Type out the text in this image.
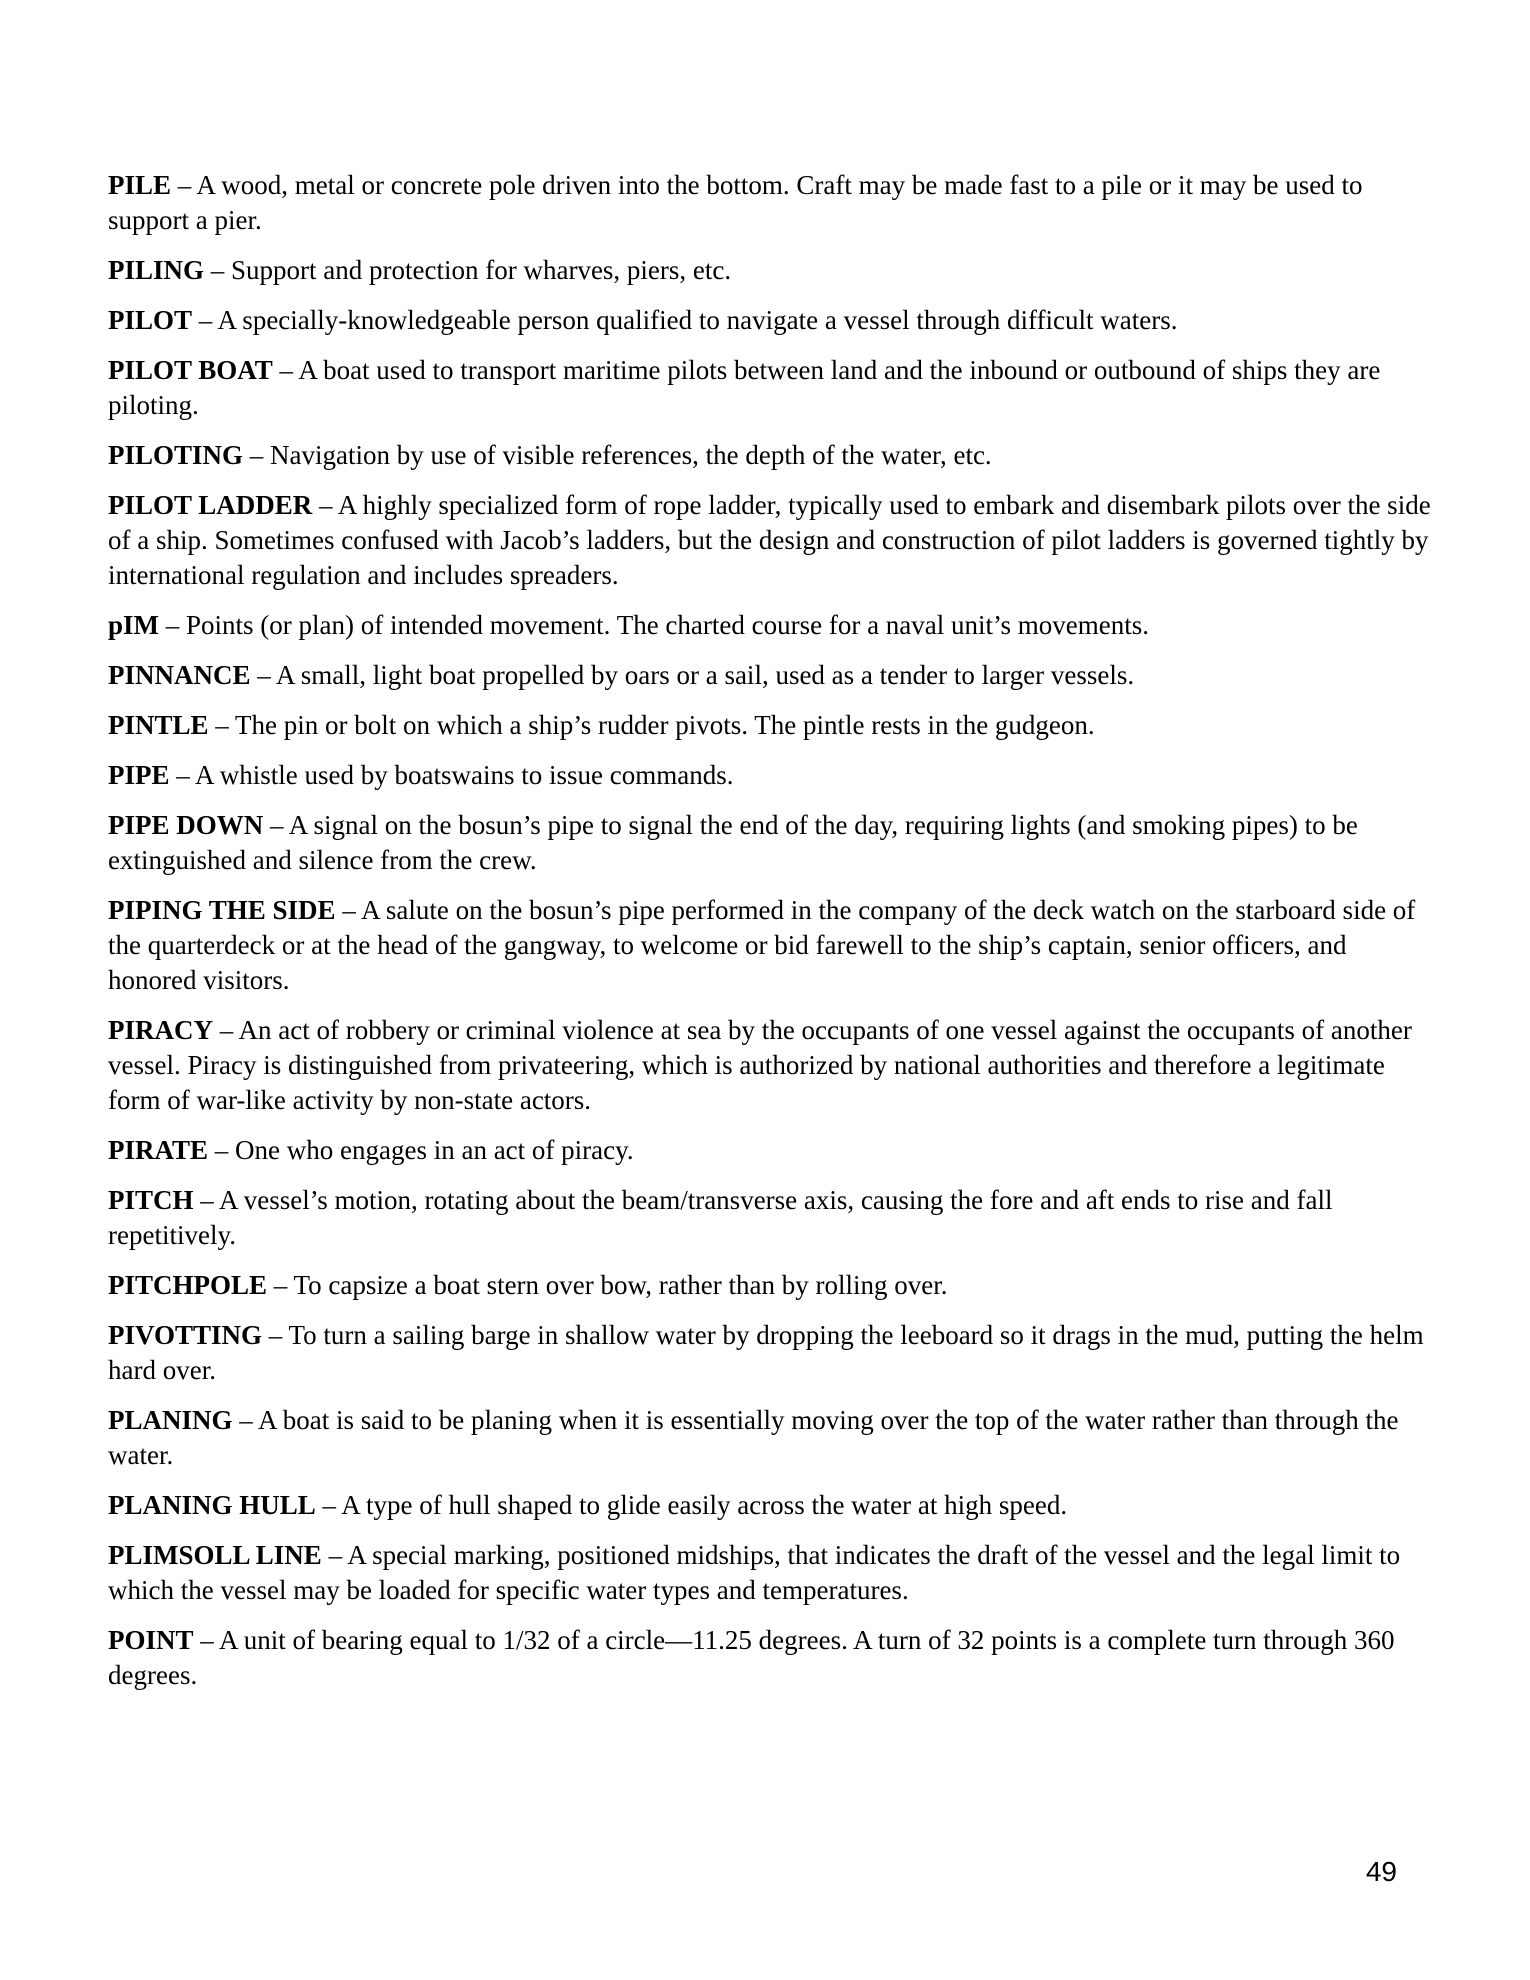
PILE – A wood, metal or concrete pole driven into the bottom. Craft may be made fast to a pile or it may be used to support a pier.

PILING – Support and protection for wharves, piers, etc.

PILOT – A specially-knowledgeable person qualified to navigate a vessel through difficult waters.

PILOT BOAT – A boat used to transport maritime pilots between land and the inbound or outbound of ships they are piloting.

PILOTING – Navigation by use of visible references, the depth of the water, etc.

PILOT LADDER – A highly specialized form of rope ladder, typically used to embark and disembark pilots over the side of a ship. Sometimes confused with Jacob’s ladders, but the design and construction of pilot ladders is governed tightly by international regulation and includes spreaders.

pIM – Points (or plan) of intended movement. The charted course for a naval unit’s movements.

PINNANCE – A small, light boat propelled by oars or a sail, used as a tender to larger vessels.

PINTLE – The pin or bolt on which a ship’s rudder pivots. The pintle rests in the gudgeon.

PIPE – A whistle used by boatswains to issue commands.

PIPE DOWN – A signal on the bosun’s pipe to signal the end of the day, requiring lights (and smoking pipes) to be extinguished and silence from the crew.

PIPING THE SIDE – A salute on the bosun’s pipe performed in the company of the deck watch on the starboard side of the quarterdeck or at the head of the gangway, to welcome or bid farewell to the ship’s captain, senior officers, and honored visitors.

PIRACY – An act of robbery or criminal violence at sea by the occupants of one vessel against the occupants of another vessel. Piracy is distinguished from privateering, which is authorized by national authorities and therefore a legitimate form of war-like activity by non-state actors.

PIRATE – One who engages in an act of piracy.

PITCH – A vessel’s motion, rotating about the beam/transverse axis, causing the fore and aft ends to rise and fall repetitively.

PITCHPOLE – To capsize a boat stern over bow, rather than by rolling over.

PIVOTTING – To turn a sailing barge in shallow water by dropping the leeboard so it drags in the mud, putting the helm hard over.

PLANING – A boat is said to be planing when it is essentially moving over the top of the water rather than through the water.

PLANING HULL – A type of hull shaped to glide easily across the water at high speed.

PLIMSOLL LINE – A special marking, positioned midships, that indicates the draft of the vessel and the legal limit to which the vessel may be loaded for specific water types and temperatures.

POINT – A unit of bearing equal to 1/32 of a circle—11.25 degrees. A turn of 32 points is a complete turn through 360 degrees.

49
